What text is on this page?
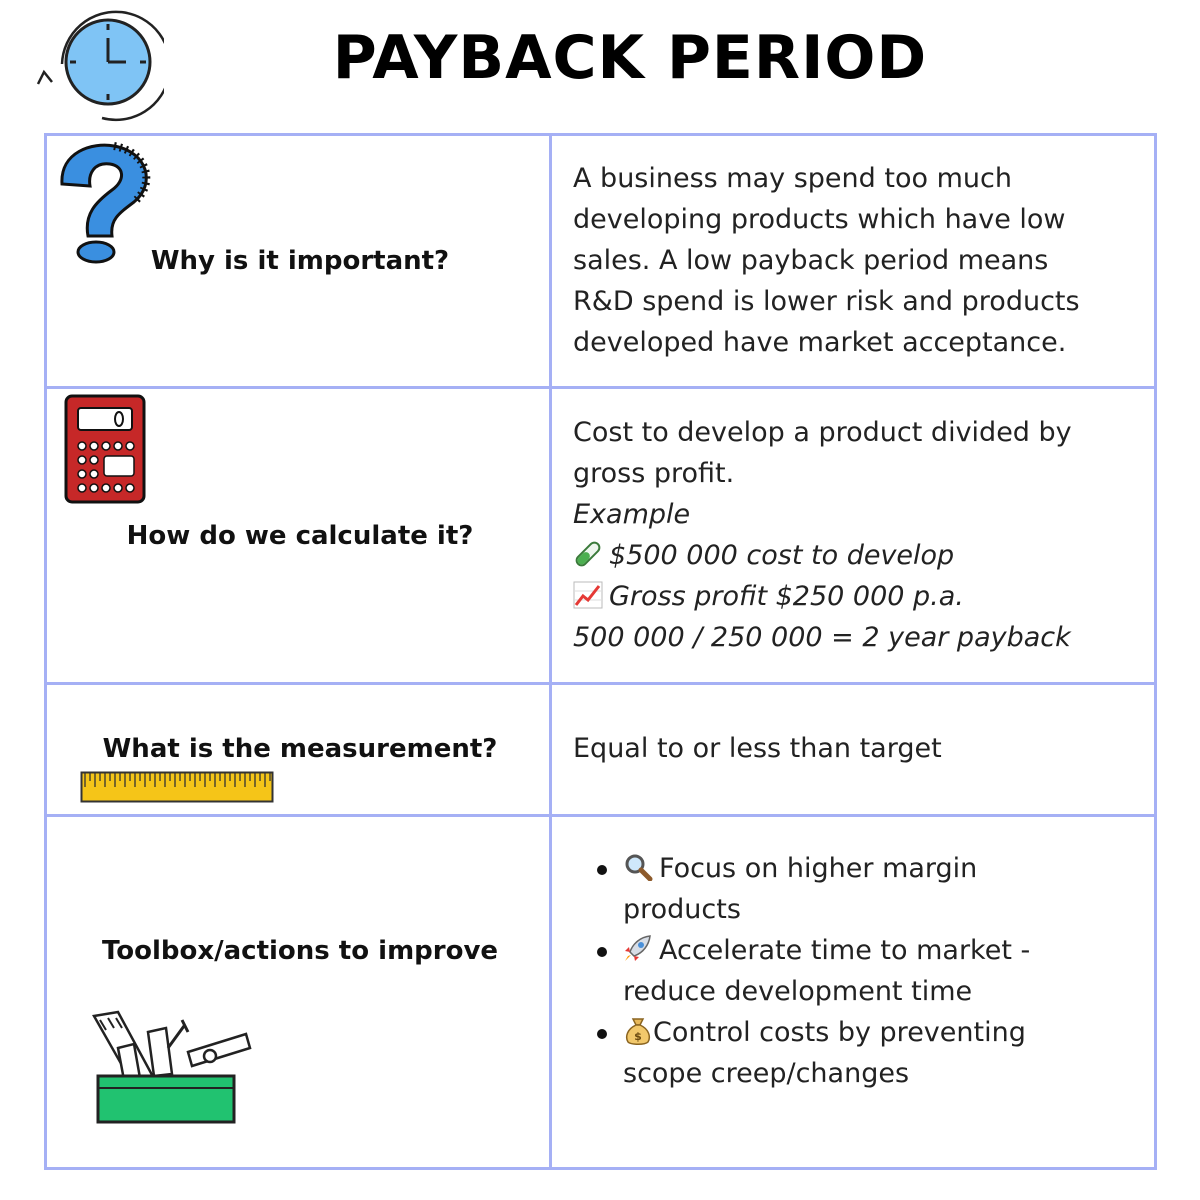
PAYBACK PERIOD
Why is it important?
A business may spend too much
developing products which have low
sales. A low payback period means
R&D spend is lower risk and products
developed have market acceptance.
How do we calculate it?
Cost to develop a product divided by
gross profit.
Example
$500 000 cost to develop
Gross profit $250 000 p.a.
500 000 / 250 000 = 2 year payback
What is the measurement?	Equal to or less than target
Toolbox/actions to improve
Focus on higher margin
products
Accelerate time to market -
reduce development time
$ Control costs by preventing
scope creep/changes
